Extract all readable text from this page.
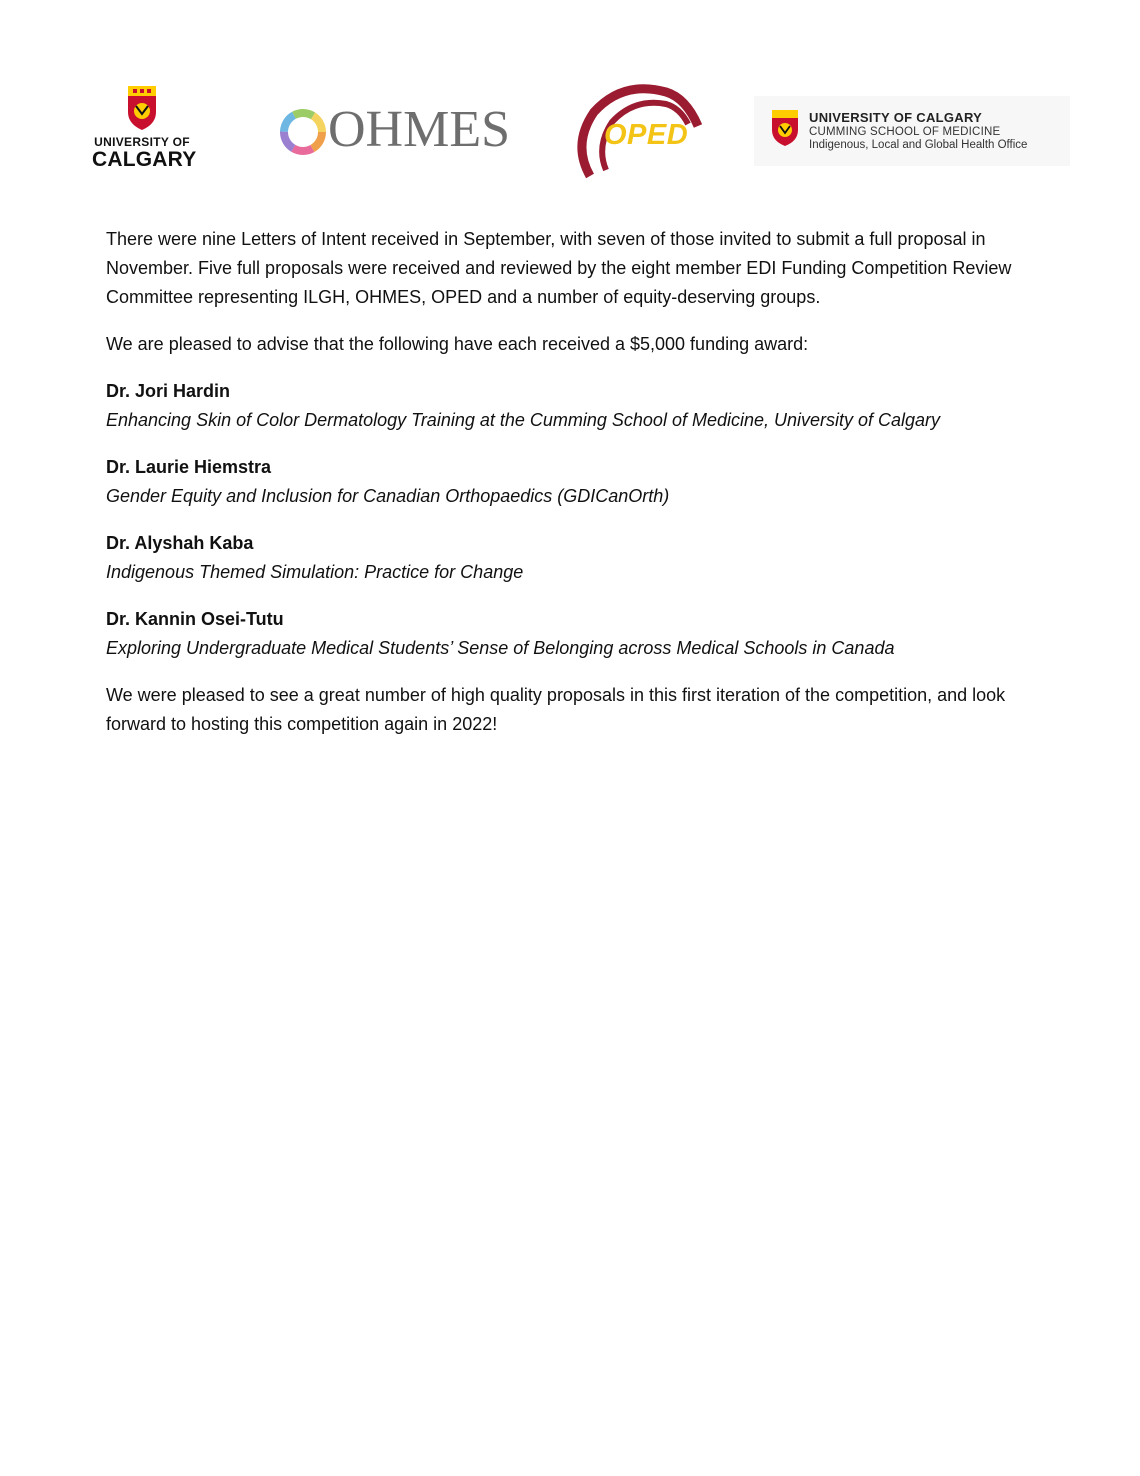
UNIVERSITY OF
CALGARY
OHMES	OPED
UNIVERSITY OF CALGARY
CUMMING SCHOOL OF MEDICINE
Indigenous, Local and Global Health Office

There were nine Letters of Intent received in September, with seven of those invited to submit a full proposal in November. Five full proposals were received and reviewed by the eight member EDI Funding Competition Review Committee representing ILGH, OHMES, OPED and a number of equity-deserving groups.

We are pleased to advise that the following have each received a $5,000 funding award:

Dr. Jori Hardin
Enhancing Skin of Color Dermatology Training at the Cumming School of Medicine, University of Calgary
Dr. Laurie Hiemstra
Gender Equity and Inclusion for Canadian Orthopaedics (GDICanOrth)
Dr. Alyshah Kaba
Indigenous Themed Simulation: Practice for Change
Dr. Kannin Osei-Tutu
Exploring Undergraduate Medical Students’ Sense of Belonging across Medical Schools in Canada

We were pleased to see a great number of high quality proposals in this first iteration of the competition, and look forward to hosting this competition again in 2022!
